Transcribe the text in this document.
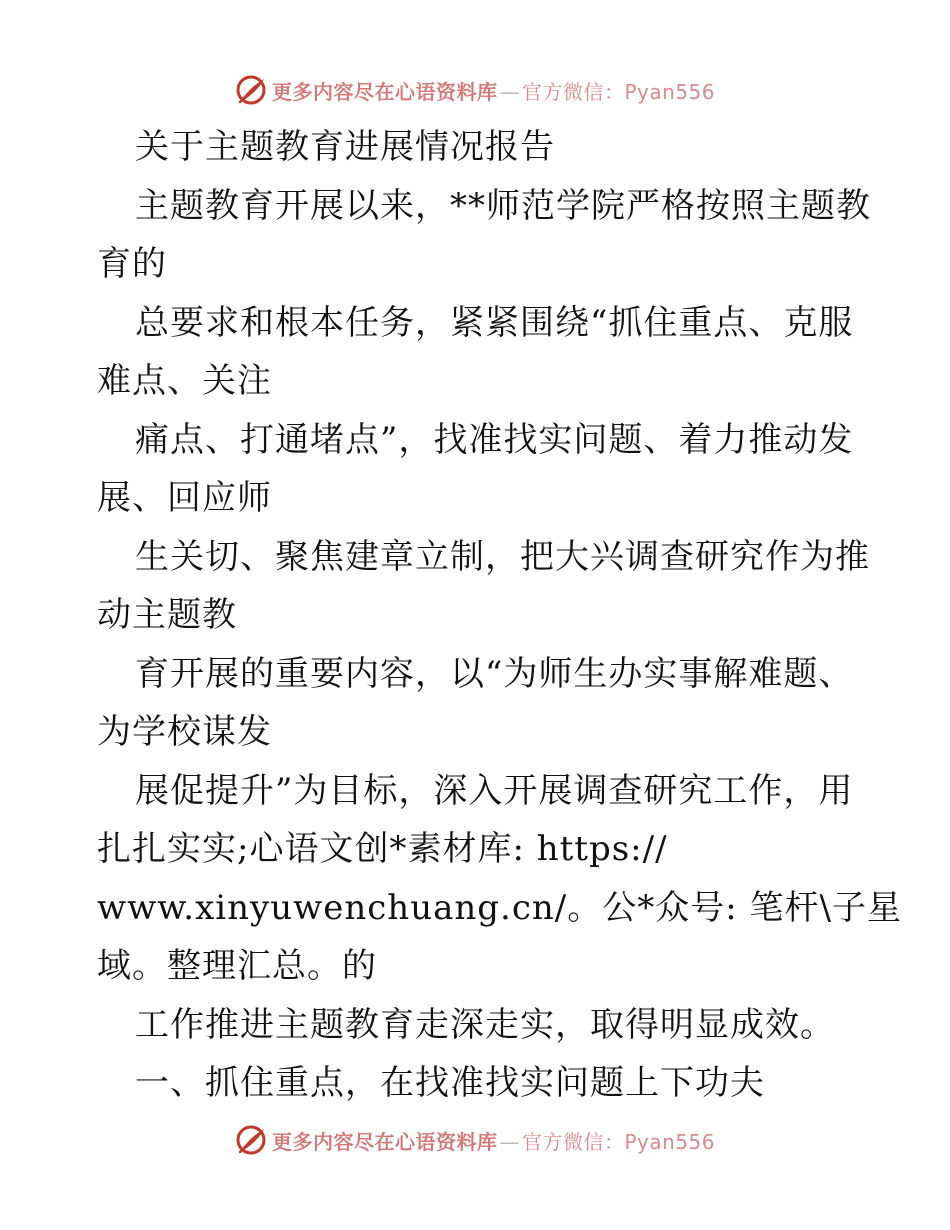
更多内容尽在心语资料库 — 官方微信：Pyan556
关于主题教育进展情况报告
主题教育开展以来，**师范学院严格按照主题教
育的
总要求和根本任务，紧紧围绕“抓住重点、克服
难点、关注
痛点、打通堵点”，找准找实问题、着力推动发
展、回应师
生关切、聚焦建章立制，把大兴调查研究作为推
动主题教
育开展的重要内容，以“为师生办实事解难题、
为学校谋发
展促提升”为目标，深入开展调查研究工作，用
扎扎实实;心语文创*素材库: https://
www.xinyuwenchuang.cn/。公*众号: 笔杆\子星
域。整理汇总。的
工作推进主题教育走深走实，取得明显成效。
一、抓住重点，在找准找实问题上下功夫
更多内容尽在心语资料库 — 官方微信：Pyan556
